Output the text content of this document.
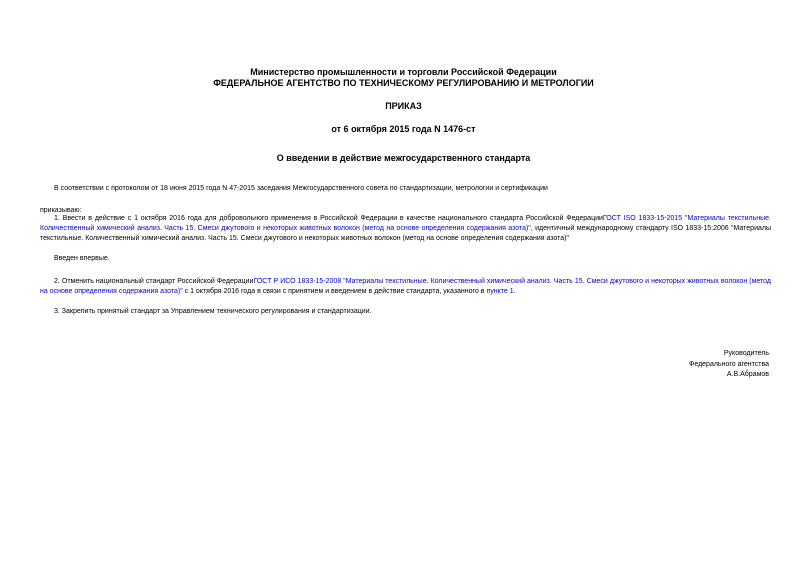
Министерство промышленности и торговли Российской Федерации
ФЕДЕРАЛЬНОЕ АГЕНТСТВО ПО ТЕХНИЧЕСКОМУ РЕГУЛИРОВАНИЮ И МЕТРОЛОГИИ
ПРИКАЗ
от 6 октября 2015 года N 1476-ст
О введении в действие межгосударственного стандарта
В соответствии с протоколом от 18 июня 2015 года N 47-2015 заседания Межгосударственного совета по стандартизации, метрологии и сертификации
приказываю:
1. Ввести в действие с 1 октября 2016 года для добровольного применения в Российской Федерации в качестве национального стандарта Российской ФедерацииГОСТ ISO 1833-15-2015 "Материалы текстильные. Количественный химический анализ. Часть 15. Смеси джутового и некоторых животных волокон (метод на основе определения содержания азота)", идентичный международному стандарту ISO 1833-15:2006 "Материалы текстильные. Количественный химический анализ. Часть 15. Смеси джутового и некоторых животных волокон (метод на основе определения содержания азота)"
Введен впервые.
2. Отменить национальный стандарт Российской ФедерацииГОСТ Р ИСО 1833-15-2008 "Материалы текстильные. Количественный химический анализ. Часть 15. Смеси джутового и некоторых животных волокон (метод на основе определения содержания азота)" с 1 октября 2016 года в связи с принятием и введением в действие стандарта, указанного в пункте 1.
3. Закрепить принятый стандарт за Управлением технического регулирования и стандартизации.
Руководитель
Федерального агентства
А.В.Абрамов
